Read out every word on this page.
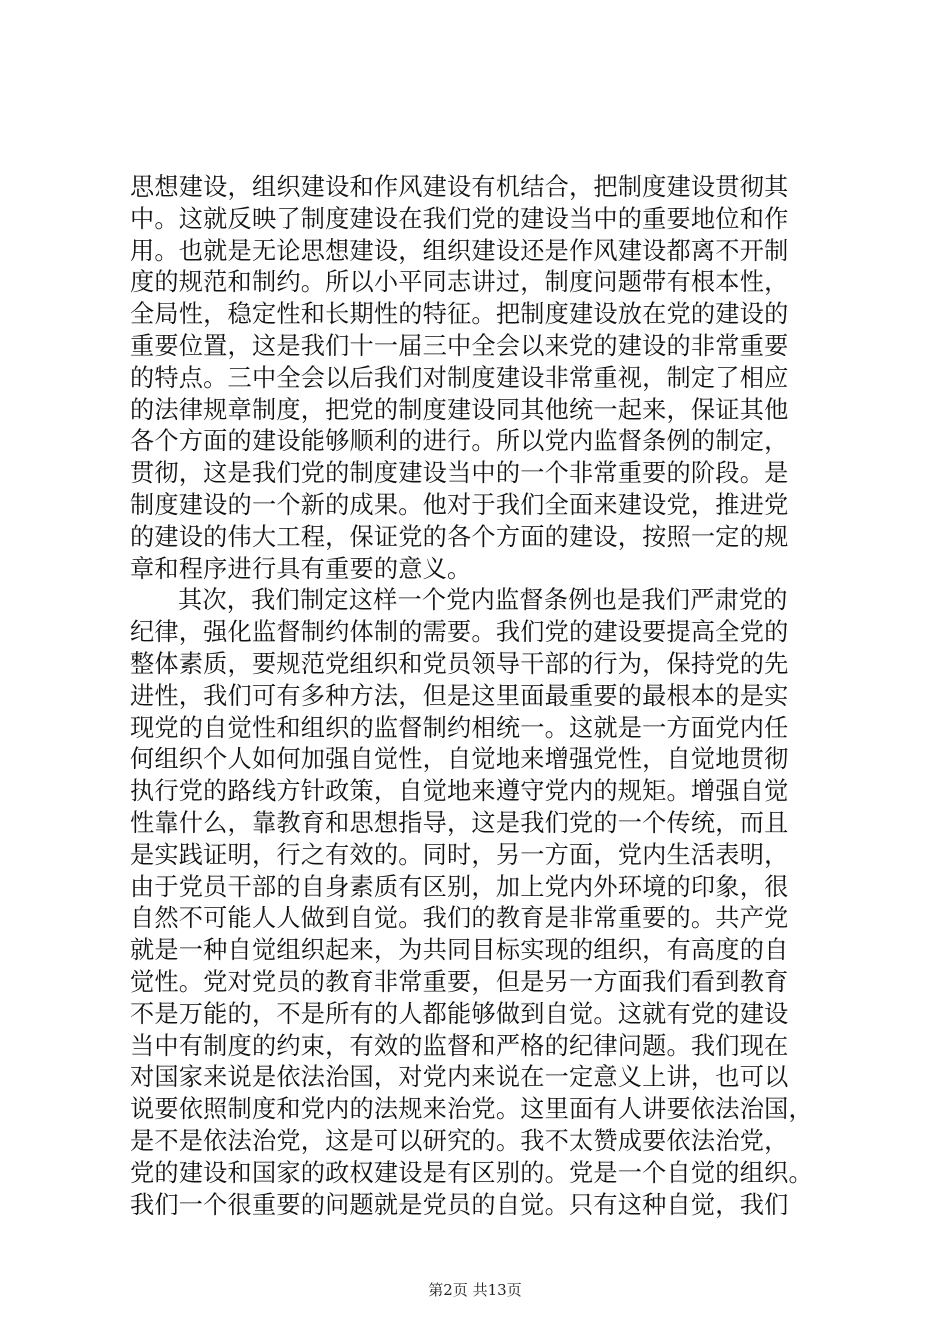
思想建设，组织建设和作风建设有机结合，把制度建设贯彻其
中。这就反映了制度建设在我们党的建设当中的重要地位和作
用。也就是无论思想建设，组织建设还是作风建设都离不开制
度的规范和制约。所以小平同志讲过，制度问题带有根本性，
全局性，稳定性和长期性的特征。把制度建设放在党的建设的
重要位置，这是我们十一届三中全会以来党的建设的非常重要
的特点。三中全会以后我们对制度建设非常重视，制定了相应
的法律规章制度，把党的制度建设同其他统一起来，保证其他
各个方面的建设能够顺利的进行。所以党内监督条例的制定，
贯彻，这是我们党的制度建设当中的一个非常重要的阶段。是
制度建设的一个新的成果。他对于我们全面来建设党，推进党
的建设的伟大工程，保证党的各个方面的建设，按照一定的规
章和程序进行具有重要的意义。
其次，我们制定这样一个党内监督条例也是我们严肃党的
纪律，强化监督制约体制的需要。我们党的建设要提高全党的
整体素质，要规范党组织和党员领导干部的行为，保持党的先
进性，我们可有多种方法，但是这里面最重要的最根本的是实
现党的自觉性和组织的监督制约相统一。这就是一方面党内任
何组织个人如何加强自觉性，自觉地来增强党性，自觉地贯彻
执行党的路线方针政策，自觉地来遵守党内的规矩。增强自觉
性靠什么，靠教育和思想指导，这是我们党的一个传统，而且
是实践证明，行之有效的。同时，另一方面，党内生活表明，
由于党员干部的自身素质有区别，加上党内外环境的印象，很
自然不可能人人做到自觉。我们的教育是非常重要的。共产党
就是一种自觉组织起来，为共同目标实现的组织，有高度的自
觉性。党对党员的教育非常重要，但是另一方面我们看到教育
不是万能的，不是所有的人都能够做到自觉。这就有党的建设
当中有制度的约束，有效的监督和严格的纪律问题。我们现在
对国家来说是依法治国，对党内来说在一定意义上讲，也可以
说要依照制度和党内的法规来治党。这里面有人讲要依法治国，
是不是依法治党，这是可以研究的。我不太赞成要依法治党，
党的建设和国家的政权建设是有区别的。党是一个自觉的组织。
我们一个很重要的问题就是党员的自觉。只有这种自觉，我们
第2页 共13页
